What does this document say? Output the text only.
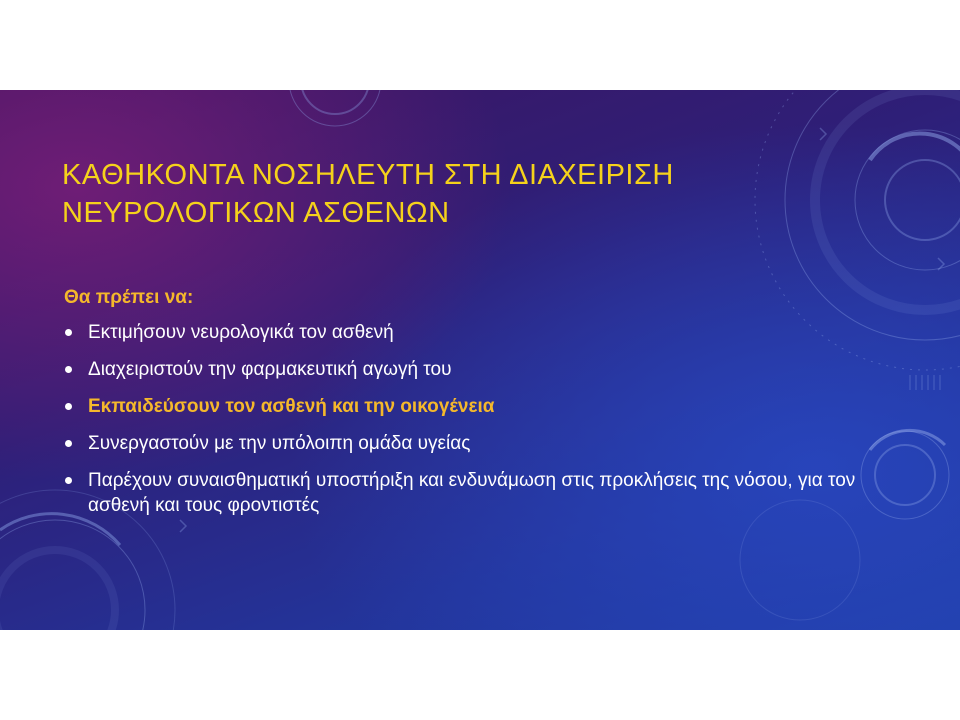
ΚΑΘΗΚΟΝΤΑ ΝΟΣΗΛΕΥΤΗ ΣΤΗ ΔΙΑΧΕΙΡΙΣΗ ΝΕΥΡΟΛΟΓΙΚΩΝ ΑΣΘΕΝΩΝ

Θα πρέπει να:

Εκτιμήσουν νευρολογικά τον ασθενή
Διαχειριστούν την φαρμακευτική αγωγή του
Εκπαιδεύσουν τον ασθενή και την οικογένεια
Συνεργαστούν με την υπόλοιπη ομάδα υγείας
Παρέχουν συναισθηματική υποστήριξη και ενδυνάμωση στις προκλήσεις της νόσου, για τον ασθενή και τους φροντιστές
